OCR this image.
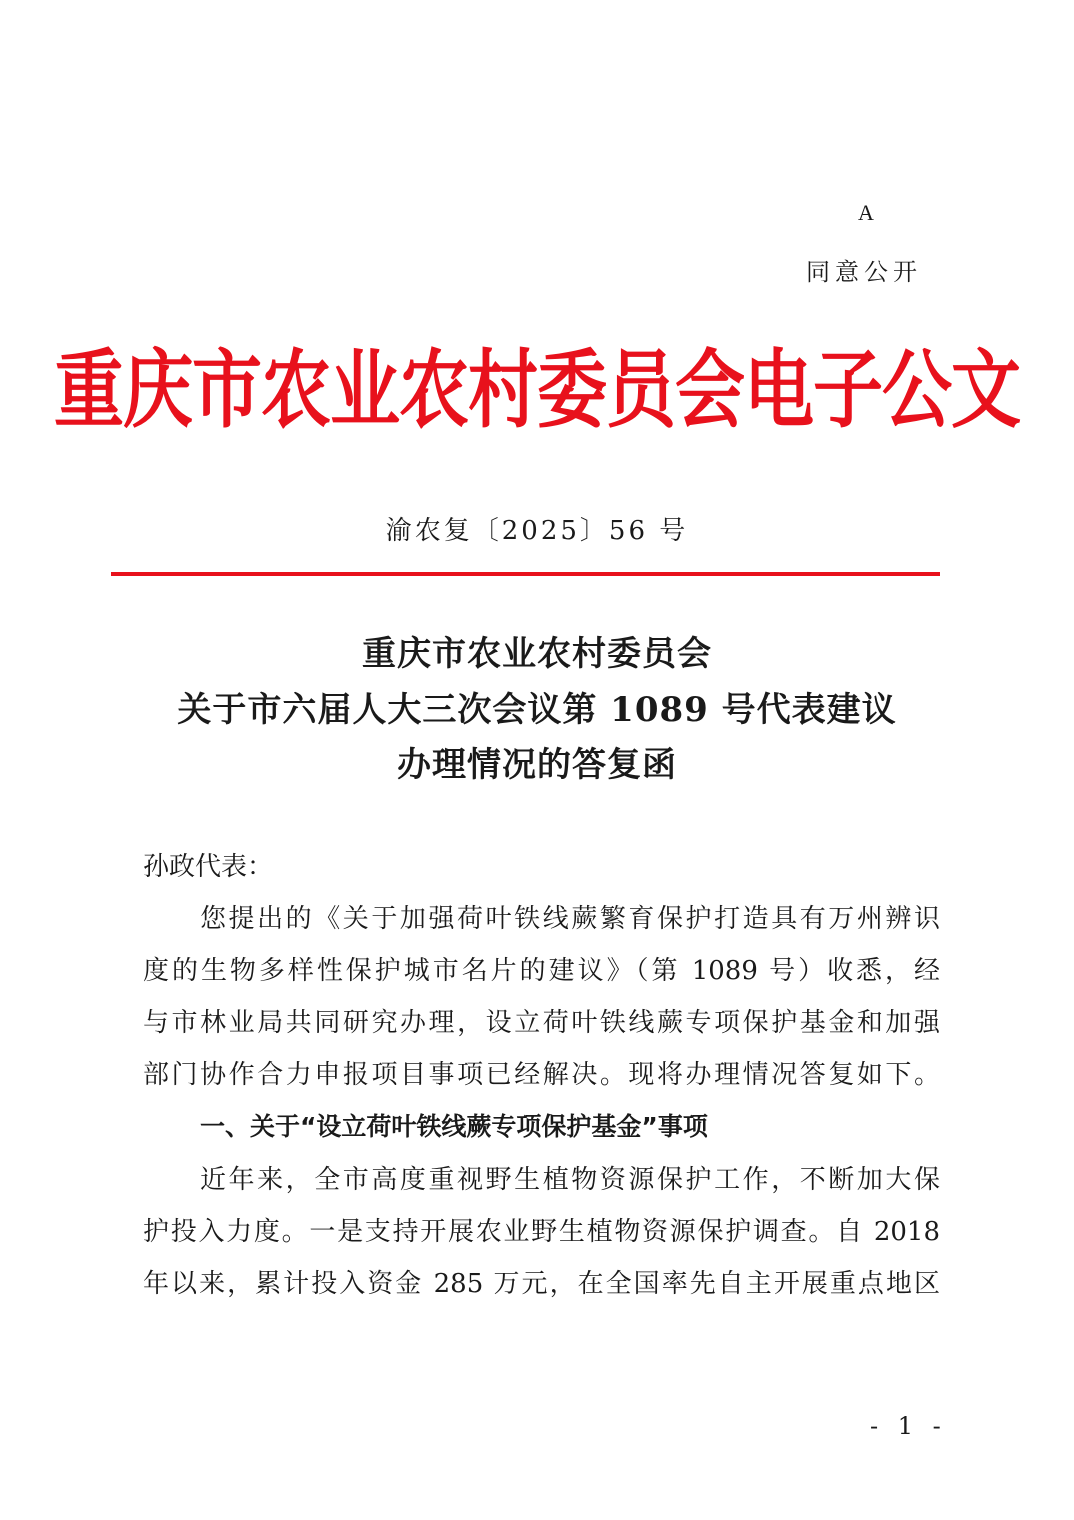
A
同意公开
重庆市农业农村委员会电子公文
渝农复〔2025〕56 号
重庆市农业农村委员会
关于市六届人大三次会议第 1089 号代表建议
办理情况的答复函
孙政代表：
您提出的《关于加强荷叶铁线蕨繁育保护打造具有万州辨识
度的生物多样性保护城市名片的建议》（第 1089 号）收悉，经
与市林业局共同研究办理，设立荷叶铁线蕨专项保护基金和加强
部门协作合力申报项目事项已经解决。现将办理情况答复如下。
一、关于“设立荷叶铁线蕨专项保护基金”事项
近年来，全市高度重视野生植物资源保护工作，不断加大保
护投入力度。一是支持开展农业野生植物资源保护调查。自 2018
年以来，累计投入资金 285 万元，在全国率先自主开展重点地区
- 1 -
